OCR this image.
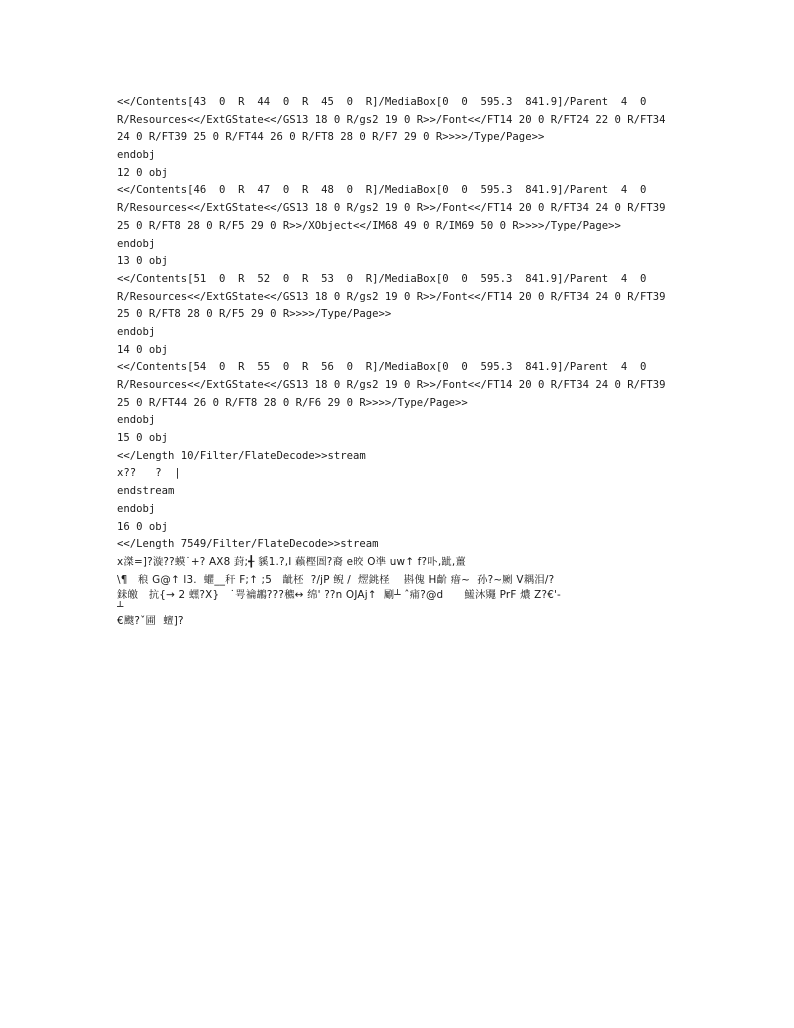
<</Contents[43  0  R  44  0  R  45  0  R]/MediaBox[0  0  595.3  841.9]/Parent  4  0
R/Resources<</ExtGState<</GS13 18 0 R/gs2 19 0 R>>/Font<</FT14 20 0 R/FT24 22 0 R/FT34
24 0 R/FT39 25 0 R/FT44 26 0 R/FT8 28 0 R/F7 29 0 R>>>>/Type/Page>>
endobj
12 0 obj
<</Contents[46  0  R  47  0  R  48  0  R]/MediaBox[0  0  595.3  841.9]/Parent  4  0
R/Resources<</ExtGState<</GS13 18 0 R/gs2 19 0 R>>/Font<</FT14 20 0 R/FT34 24 0 R/FT39
25 0 R/FT8 28 0 R/F5 29 0 R>>/XObject<</IM68 49 0 R/IM69 50 0 R>>>>/Type/Page>>
endobj
13 0 obj
<</Contents[51  0  R  52  0  R  53  0  R]/MediaBox[0  0  595.3  841.9]/Parent  4  0
R/Resources<</ExtGState<</GS13 18 0 R/gs2 19 0 R>>/Font<</FT14 20 0 R/FT34 24 0 R/FT39
25 0 R/FT8 28 0 R/F5 29 0 R>>>>/Type/Page>>
endobj
14 0 obj
<</Contents[54  0  R  55  0  R  56  0  R]/MediaBox[0  0  595.3  841.9]/Parent  4  0
R/Resources<</ExtGState<</GS13 18 0 R/gs2 19 0 R>>/Font<</FT14 20 0 R/FT34 24 0 R/FT39
25 0 R/FT44 26 0 R/FT8 28 0 R/F6 29 0 R>>>>/Type/Page>>
endobj
15 0 obj
<</Length 10/Filter/FlateDecode>>stream
x??   ?  |
endstream
endobj
16 0 obj
<</Length 7549/Filter/FlateDecode>>stream
x滐=]?漩??蟆˙+? AX8 葑;╉ 貕1.?,I 藾樫圄?裔 e晈 O凖 uw↑ f?卟,跐,薑
\¶   稂 G@↑ l3.  蠷__秆 F;↑ ;5   龇柸  ?/jP 鲵 /  熤銚柽    斟傀 H齘 瘄~  孙?~劂 V耦泪/?
銇皦   抗{→ 2 蟔?X}   ˙咢禴鶘???穮↔ 绵' ??n OJAj↑  劚┴ ˆ痡?@d      鱃沐鼆 PrF 燶 Z?€'-
┴
€颼?ˇ圃  蟺]?
